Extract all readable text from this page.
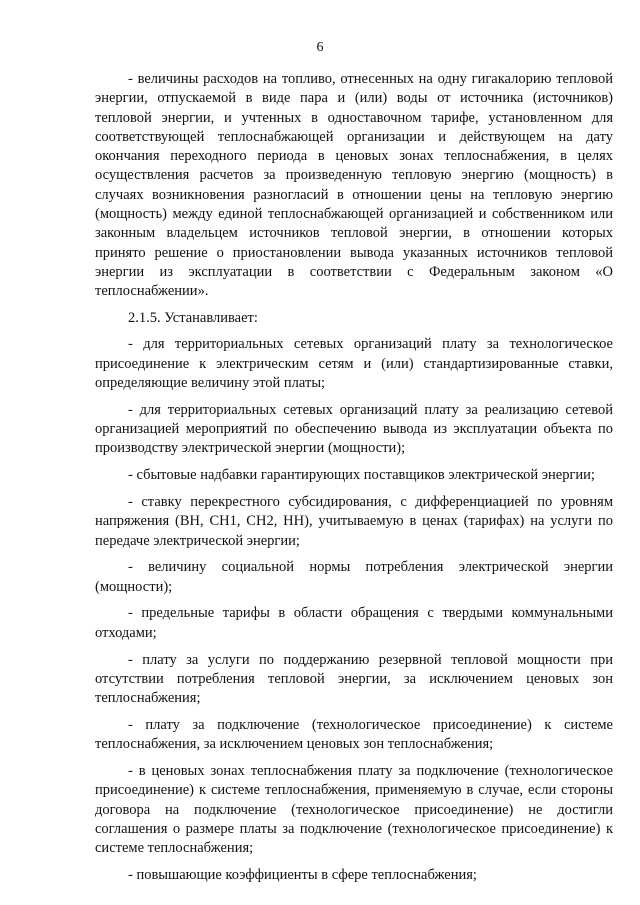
6

- величины расходов на топливо, отнесенных на одну гигакалорию тепловой энергии, отпускаемой в виде пара и (или) воды от источника (источников) тепловой энергии, и учтенных в одноставочном тарифе, установленном для соответствующей теплоснабжающей организации и действующем на дату окончания переходного периода в ценовых зонах теплоснабжения, в целях осуществления расчетов за произведенную тепловую энергию (мощность) в случаях возникновения разногласий в отношении цены на тепловую энергию (мощность) между единой теплоснабжающей организацией и собственником или законным владельцем источников тепловой энергии, в отношении которых принято решение о приостановлении вывода указанных источников тепловой энергии из эксплуатации в соответствии с Федеральным законом «О теплоснабжении».

2.1.5. Устанавливает:

- для территориальных сетевых организаций плату за технологическое присоединение к электрическим сетям и (или) стандартизированные ставки, определяющие величину этой платы;

- для территориальных сетевых организаций плату за реализацию сетевой организацией мероприятий по обеспечению вывода из эксплуатации объекта по производству электрической энергии (мощности);

- сбытовые надбавки гарантирующих поставщиков электрической энергии;

- ставку перекрестного субсидирования, с дифференциацией по уровням напряжения (ВН, СН1, СН2, НН), учитываемую в ценах (тарифах) на услуги по передаче электрической энергии;

- величину социальной нормы потребления электрической энергии (мощности);

- предельные тарифы в области обращения с твердыми коммунальными отходами;

- плату за услуги по поддержанию резервной тепловой мощности при отсутствии потребления тепловой энергии, за исключением ценовых зон теплоснабжения;

- плату за подключение (технологическое присоединение) к системе теплоснабжения, за исключением ценовых зон теплоснабжения;

- в ценовых зонах теплоснабжения плату за подключение (технологическое присоединение) к системе теплоснабжения, применяемую в случае, если стороны договора на подключение (технологическое присоединение) не достигли соглашения о размере платы за подключение (технологическое присоединение) к системе теплоснабжения;

- повышающие коэффициенты в сфере теплоснабжения;
